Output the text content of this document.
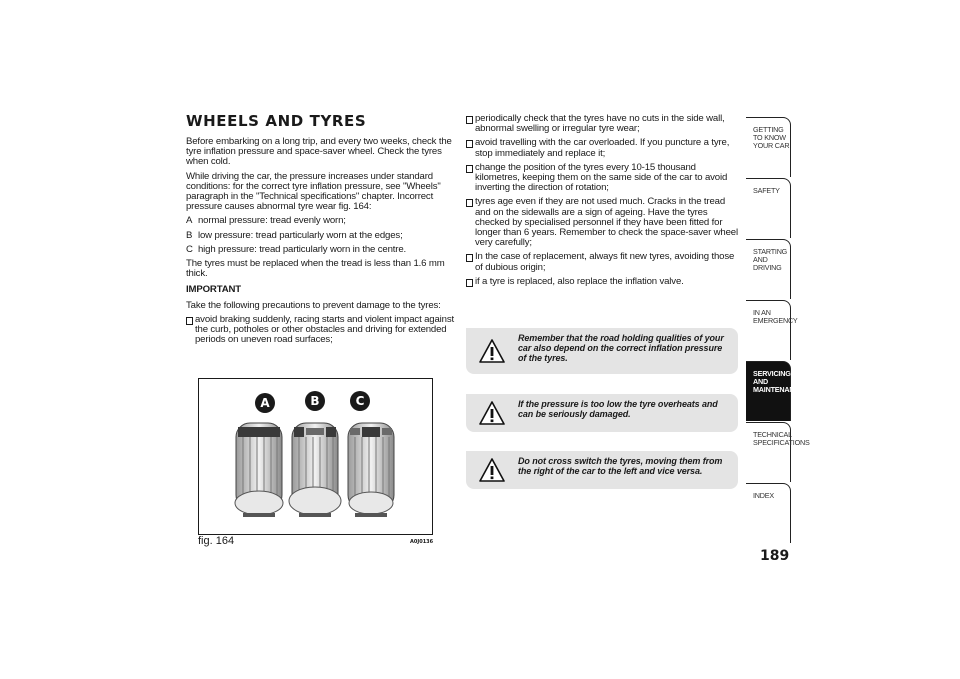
WHEELS AND TYRES

Before embarking on a long trip, and every two weeks, check the tyre inflation pressure and space-saver wheel. Check the tyres when cold.

While driving the car, the pressure increases under standard conditions: for the correct tyre inflation pressure, see "Wheels" paragraph in the "Technical specifications" chapter. Incorrect pressure causes abnormal tyre wear fig. 164:

A normal pressure: tread evenly worn;

B low pressure: tread particularly worn at the edges;
C high pressure: tread particularly worn in the centre.

The tyres must be replaced when the tread is less than 1.6 mm thick.

IMPORTANT

Take the following precautions to prevent damage to the tyres:

avoid braking suddenly, racing starts and violent impact against the curb, potholes or other obstacles and driving for extended periods on uneven road surfaces;
A	B	C
fig. 164	A0J0136
periodically check that the tyres have no cuts in the side wall, abnormal swelling or irregular tyre wear;
avoid travelling with the car overloaded. If you puncture a tyre, stop immediately and replace it;
change the position of the tyres every 10-15 thousand kilometres, keeping them on the same side of the car to avoid inverting the direction of rotation;
tyres age even if they are not used much. Cracks in the tread and on the sidewalls are a sign of ageing. Have the tyres checked by specialised personnel if they have been fitted for longer than 6 years. Remember to check the space-saver wheel very carefully;
In the case of replacement, always fit new tyres, avoiding those of dubious origin;
if a tyre is replaced, also replace the inflation valve.
Remember that the road holding qualities of your car also depend on the correct inflation pressure of the tyres.
If the pressure is too low the tyre overheats and can be seriously damaged.
Do not cross switch the tyres, moving them from the right of the car to the left and vice versa.
GETTING TO KNOW YOUR CAR
SAFETY
STARTING AND DRIVING
IN AN EMERGENCY
SERVICING AND MAINTENANCE
TECHNICAL SPECIFICATIONS
INDEX
189
